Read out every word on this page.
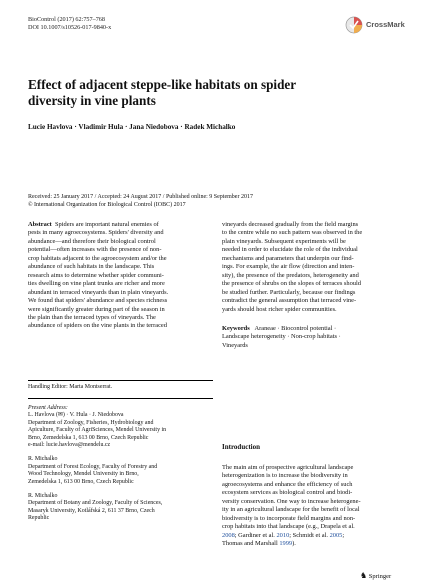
BioControl (2017) 62:757–768
DOI 10.1007/s10526-017-9840-x	CrossMark
Effect of adjacent steppe-like habitats on spider diversity in vine plants
Lucie Havlova · Vladimir Hula · Jana Niedobova · Radek Michalko
Received: 25 January 2017 / Accepted: 24 August 2017 / Published online: 9 September 2017
© International Organization for Biological Control (IOBC) 2017
Abstract Spiders are important natural enemies of
pests in many agroecosystems. Spiders' diversity and
abundance—and therefore their biological control
potential—often increases with the presence of non-
crop habitats adjacent to the agroecosystem and/or the
abundance of such habitats in the landscape. This
research aims to determine whether spider communi-
ties dwelling on vine plant trunks are richer and more
abundant in terraced vineyards than in plain vineyards.
We found that spiders' abundance and species richness
were significantly greater during part of the season in
the plain than the terraced types of vineyards. The
abundance of spiders on the vine plants in the terraced
vineyards decreased gradually from the field margins
to the centre while no such pattern was observed in the
plain vineyards. Subsequent experiments will be
needed in order to elucidate the role of the individual
mechanisms and parameters that underpin our find-
ings. For example, the air flow (direction and inten-
sity), the presence of the predators, heterogeneity and
the presence of shrubs on the slopes of terraces should
be studied further. Particularly, because our findings
contradict the general assumption that terraced vine-
yards should host richer spider communities.
Keywords Araneae · Biocontrol potential ·
Landscape heterogeneity · Non-crop habitats ·
Vineyards
Handling Editor: Marta Montserrat.
Present Address:
L. Havlova (✉) · V. Hula · J. Niedobova
Department of Zoology, Fisheries, Hydrobiology and
Apiculture, Faculty of AgriSciences, Mendel University in
Brno, Zemedelska 1, 613 00 Brno, Czech Republic
e-mail: lucie.havlova@mendelu.cz
R. Michalko
Department of Forest Ecology, Faculty of Forestry and
Wood Technology, Mendel University in Brno,
Zemedelska 1, 613 00 Brno, Czech Republic
R. Michalko
Department of Botany and Zoology, Faculty of Sciences,
Masaryk University, Kotlářská 2, 611 37 Brno, Czech
Republic
Introduction
The main aim of prospective agricultural landscape
heterogenization is to increase the biodiversity in
agroecosystems and enhance the efficiency of such
ecosystem services as biological control and biodi-
versity conservation. One way to increase heterogene-
ity in an agricultural landscape for the benefit of local
biodiversity is to incorporate field margins and non-
crop habitats into that landscape (e.g., Drapela et al.
2008; Gardiner et al. 2010; Schmidt et al. 2005;
Thomas and Marshall 1999).
♞ Springer
